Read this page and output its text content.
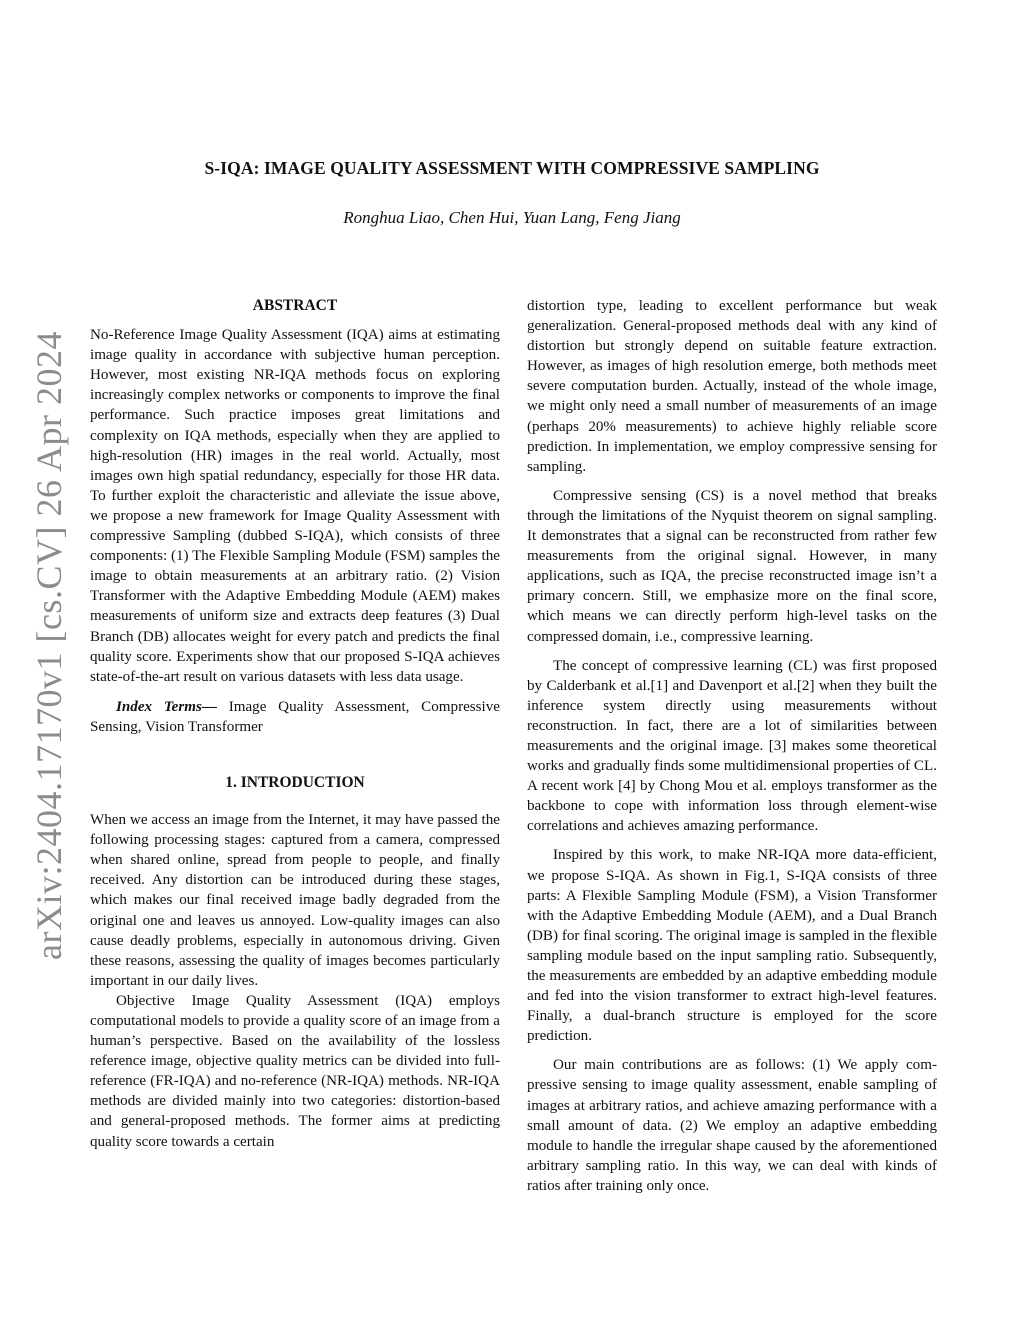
S-IQA: IMAGE QUALITY ASSESSMENT WITH COMPRESSIVE SAMPLING
Ronghua Liao, Chen Hui, Yuan Lang, Feng Jiang
arXiv:2404.17170v1 [cs.CV] 26 Apr 2024
ABSTRACT

No-Reference Image Quality Assessment (IQA) aims at estimating image quality in accordance with subjective human perception. However, most existing NR-IQA methods focus on exploring increasingly complex networks or components to improve the final performance. Such practice imposes great limitations and complexity on IQA methods, especially when they are applied to high-resolution (HR) images in the real world. Actually, most images own high spatial redundancy, especially for those HR data. To further exploit the characteristic and alleviate the issue above, we propose a new framework for Image Quality Assessment with compressive Sampling (dubbed S-IQA), which consists of three components: (1) The Flexible Sampling Module (FSM) samples the image to obtain measurements at an arbitrary ratio. (2) Vision Transformer with the Adaptive Embedding Module (AEM) makes measurements of uniform size and extracts deep features (3) Dual Branch (DB) allocates weight for every patch and predicts the final quality score. Experiments show that our proposed S-IQA achieves state-of-the-art result on various datasets with less data usage.

Index Terms— Image Quality Assessment, Compressive Sensing, Vision Transformer

1. INTRODUCTION

When we access an image from the Internet, it may have passed the following processing stages: captured from a camera, compressed when shared online, spread from people to people, and finally received. Any distortion can be introduced during these stages, which makes our final received image badly degraded from the original one and leaves us annoyed. Low-quality images can also cause deadly problems, especially in autonomous driving. Given these reasons, assessing the quality of images becomes particularly important in our daily lives.

Objective Image Quality Assessment (IQA) employs computational models to provide a quality score of an image from a human’s perspective. Based on the availability of the lossless reference image, objective quality metrics can be divided into full-reference (FR-IQA) and no-reference (NR-IQA) methods. NR-IQA methods are divided mainly into two categories: distortion-based and general-proposed methods. The former aims at predicting quality score towards a certain

distortion type, leading to excellent performance but weak generalization. General-proposed methods deal with any kind of distortion but strongly depend on suitable feature extraction. However, as images of high resolution emerge, both methods meet severe computation burden. Actually, instead of the whole image, we might only need a small number of measurements of an image (perhaps 20% measurements) to achieve highly reliable score prediction. In implementation, we employ compressive sensing for sampling.

Compressive sensing (CS) is a novel method that breaks through the limitations of the Nyquist theorem on signal sampling. It demonstrates that a signal can be reconstructed from rather few measurements from the original signal. However, in many applications, such as IQA, the precise reconstructed image isn’t a primary concern. Still, we emphasize more on the final score, which means we can directly perform high-level tasks on the compressed domain, i.e., compressive learning.

The concept of compressive learning (CL) was first proposed by Calderbank et al.[1] and Davenport et al.[2] when they built the inference system directly using measurements without reconstruction. In fact, there are a lot of similarities between measurements and the original image. [3] makes some theoretical works and gradually finds some multidimensional properties of CL. A recent work [4] by Chong Mou et al. employs transformer as the backbone to cope with information loss through element-wise correlations and achieves amazing performance.

Inspired by this work, to make NR-IQA more data-efficient, we propose S-IQA. As shown in Fig.1, S-IQA consists of three parts: A Flexible Sampling Module (FSM), a Vision Transformer with the Adaptive Embedding Module (AEM), and a Dual Branch (DB) for final scoring. The original image is sampled in the flexible sampling module based on the input sampling ratio. Subsequently, the measurements are embedded by an adaptive embedding module and fed into the vision transformer to extract high-level features. Finally, a dual-branch structure is employed for the score prediction.

Our main contributions are as follows: (1) We apply compressive sensing to image quality assessment, enable sampling of images at arbitrary ratios, and achieve amazing performance with a small amount of data. (2) We employ an adaptive embedding module to handle the irregular shape caused by the aforementioned arbitrary sampling ratio. In this way, we can deal with kinds of ratios after training only once.
